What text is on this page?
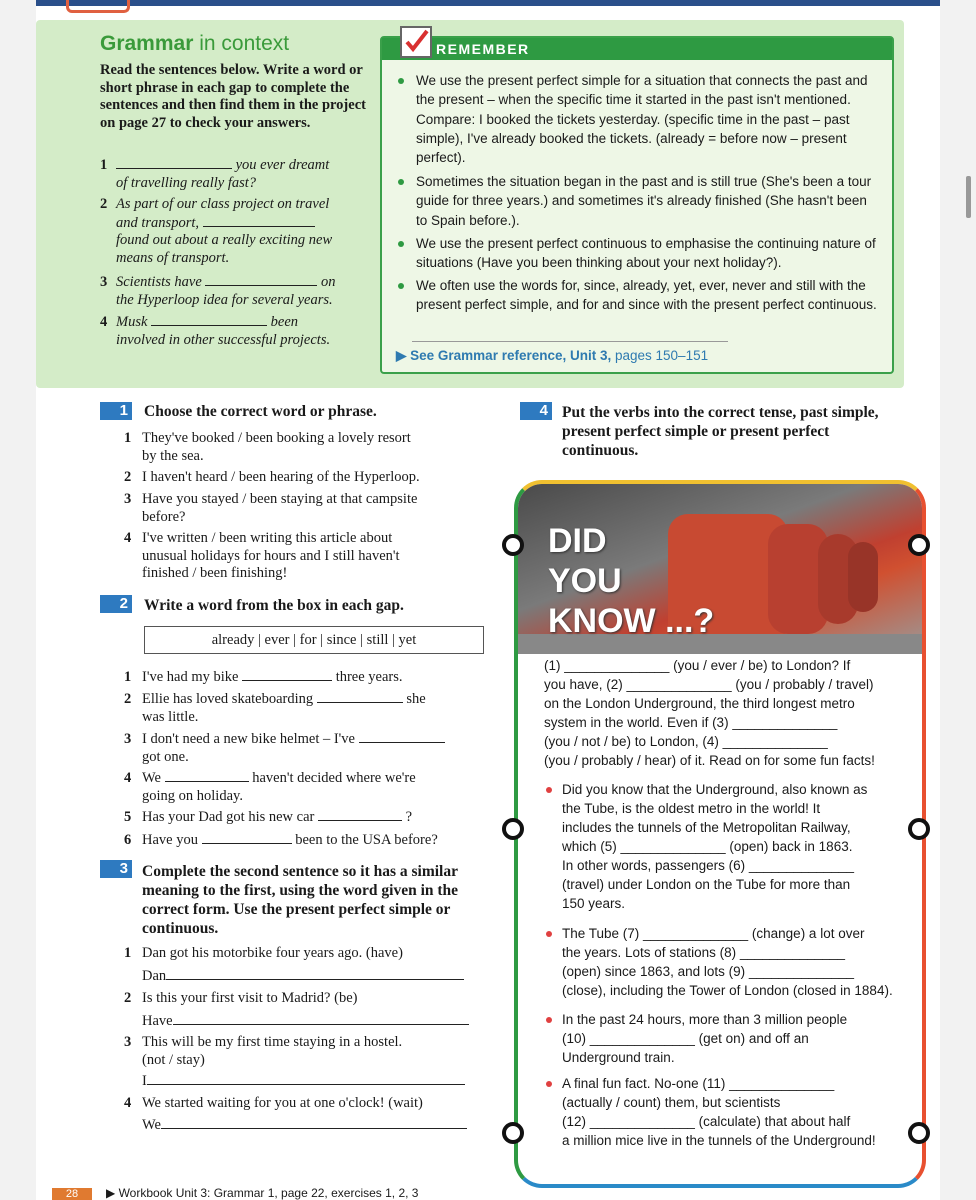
Grammar in context
Read the sentences below. Write a word or short phrase in each gap to complete the sentences and then find them in the project on page 27 to check your answers.
1	you ever dreamt
of travelling really fast?
2 As part of our class project on travel
and transport,
found out about a really exciting new
means of transport.
3 Scientists have	on
the Hyperloop idea for several years.
4 Musk	been
involved in other successful projects.
REMEMBER
We use the present perfect simple for a situation that connects the past and the present – when the specific time it started in the past isn't mentioned. Compare: I booked the tickets yesterday. (specific time in the past – past simple), I've already booked the tickets. (already = before now – present perfect).
Sometimes the situation began in the past and is still true (She's been a tour guide for three years.) and sometimes it's already finished (She hasn't been to Spain before.).
We use the present perfect continuous to emphasise the continuing nature of situations (Have you been thinking about your next holiday?).
We often use the words for, since, already, yet, ever, never and still with the present perfect simple, and for and since with the present perfect continuous.
▶ See Grammar reference, Unit 3, pages 150–151
1 Choose the correct word or phrase.
1 They've booked / been booking a lovely resort
by the sea.
2 I haven't heard / been hearing of the Hyperloop.
3 Have you stayed / been staying at that campsite
before?
4 I've written / been writing this article about
unusual holidays for hours and I still haven't
finished / been finishing!
2 Write a word from the box in each gap.
already | ever | for | since | still | yet
1 I've had my bike	three years.
2 Ellie has loved skateboarding	she
was little.
3 I don't need a new bike helmet – I've
got one.
4 We	haven't decided where we're
going on holiday.
5 Has your Dad got his new car	?
6 Have you	been to the USA before?
3 Complete the second sentence so it has a similar meaning to the first, using the word given in the correct form. Use the present perfect simple or continuous.
1 Dan got his motorbike four years ago. (have)
Dan
2 Is this your first visit to Madrid? (be)
Have
3 This will be my first time staying in a hostel.
(not / stay)
I
4 We started waiting for you at one o'clock! (wait)
We
4 Put the verbs into the correct tense, past simple, present perfect simple or present perfect continuous.
DID
YOU
KNOW ...?
(1) ______________ (you / ever / be) to London? If
you have, (2) ______________ (you / probably / travel)
on the London Underground, the third longest metro
system in the world. Even if (3) ______________
(you / not / be) to London, (4) ______________
(you / probably / hear) of it. Read on for some fun facts!
Did you know that the Underground, also known as
the Tube, is the oldest metro in the world! It
includes the tunnels of the Metropolitan Railway,
which (5) ______________ (open) back in 1863.
In other words, passengers (6) ______________
(travel) under London on the Tube for more than
150 years.
The Tube (7) ______________ (change) a lot over
the years. Lots of stations (8) ______________
(open) since 1863, and lots (9) ______________
(close), including the Tower of London (closed in 1884).
In the past 24 hours, more than 3 million people
(10) ______________ (get on) and off an
Underground train.
A final fun fact. No-one (11) ______________
(actually / count) them, but scientists
(12) ______________ (calculate) that about half
a million mice live in the tunnels of the Underground!
28	▶ Workbook Unit 3: Grammar 1, page 22, exercises 1, 2, 3
